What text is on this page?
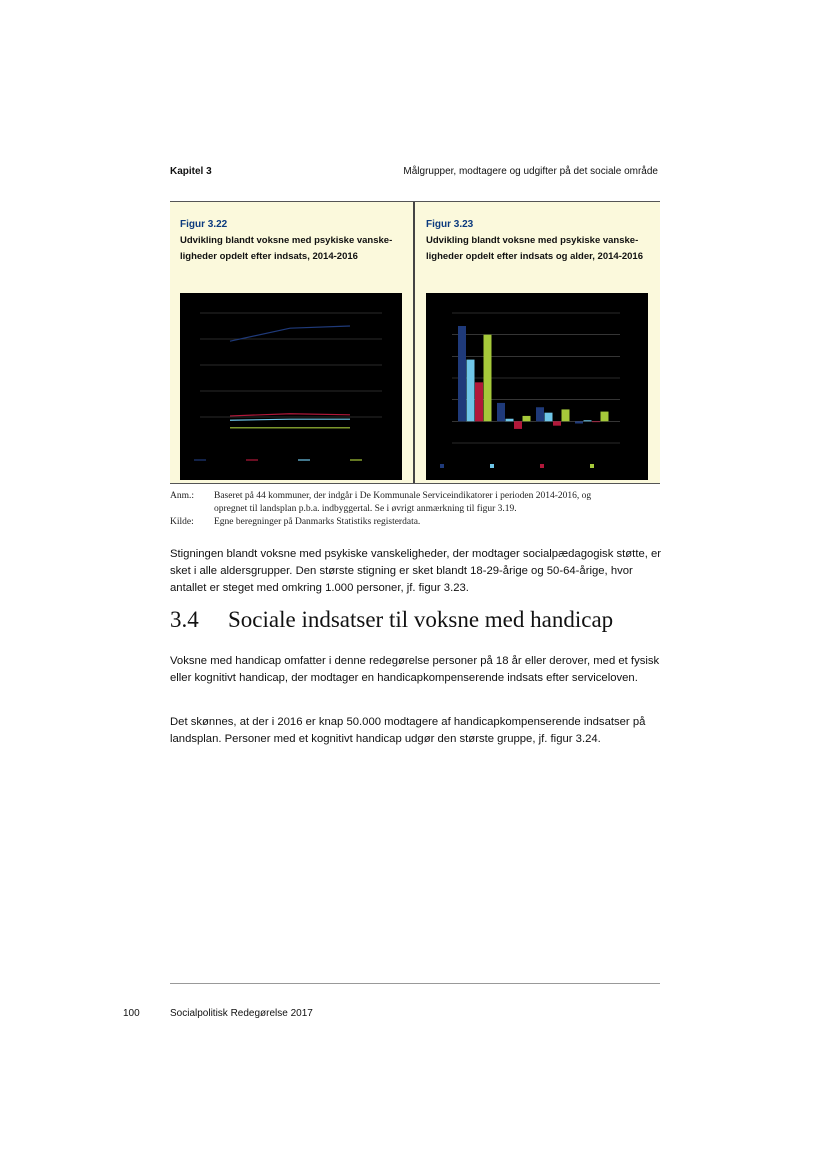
Kapitel 3	Målgrupper, modtagere og udgifter på det sociale område
Figur 3.22
Udvikling blandt voksne med psykiske vanske-ligheder opdelt efter indsats, 2014-2016
Figur 3.23
Udvikling blandt voksne med psykiske vanske-ligheder opdelt efter indsats og alder, 2014-2016
Anm.: Baseret på 44 kommuner, der indgår i De Kommunale Serviceindikatorer i perioden 2014-2016, og
opregnet til landsplan p.b.a. indbyggertal. Se i øvrigt anmærkning til figur 3.19.
Kilde: Egne beregninger på Danmarks Statistiks registerdata.
Stigningen blandt voksne med psykiske vanskeligheder, der modtager socialpædagogisk støtte, er sket i alle aldersgrupper. Den største stigning er sket blandt 18-29-årige og 50-64-årige, hvor antallet er steget med omkring 1.000 personer, jf. figur 3.23.
3.4 Sociale indsatser til voksne med handicap
Voksne med handicap omfatter i denne redegørelse personer på 18 år eller derover, med et fysisk eller kognitivt handicap, der modtager en handicapkompenserende indsats efter serviceloven.
Det skønnes, at der i 2016 er knap 50.000 modtagere af handicapkompenserende indsatser på landsplan. Personer med et kognitivt handicap udgør den største gruppe, jf. figur 3.24.
100	Socialpolitisk Redegørelse 2017
